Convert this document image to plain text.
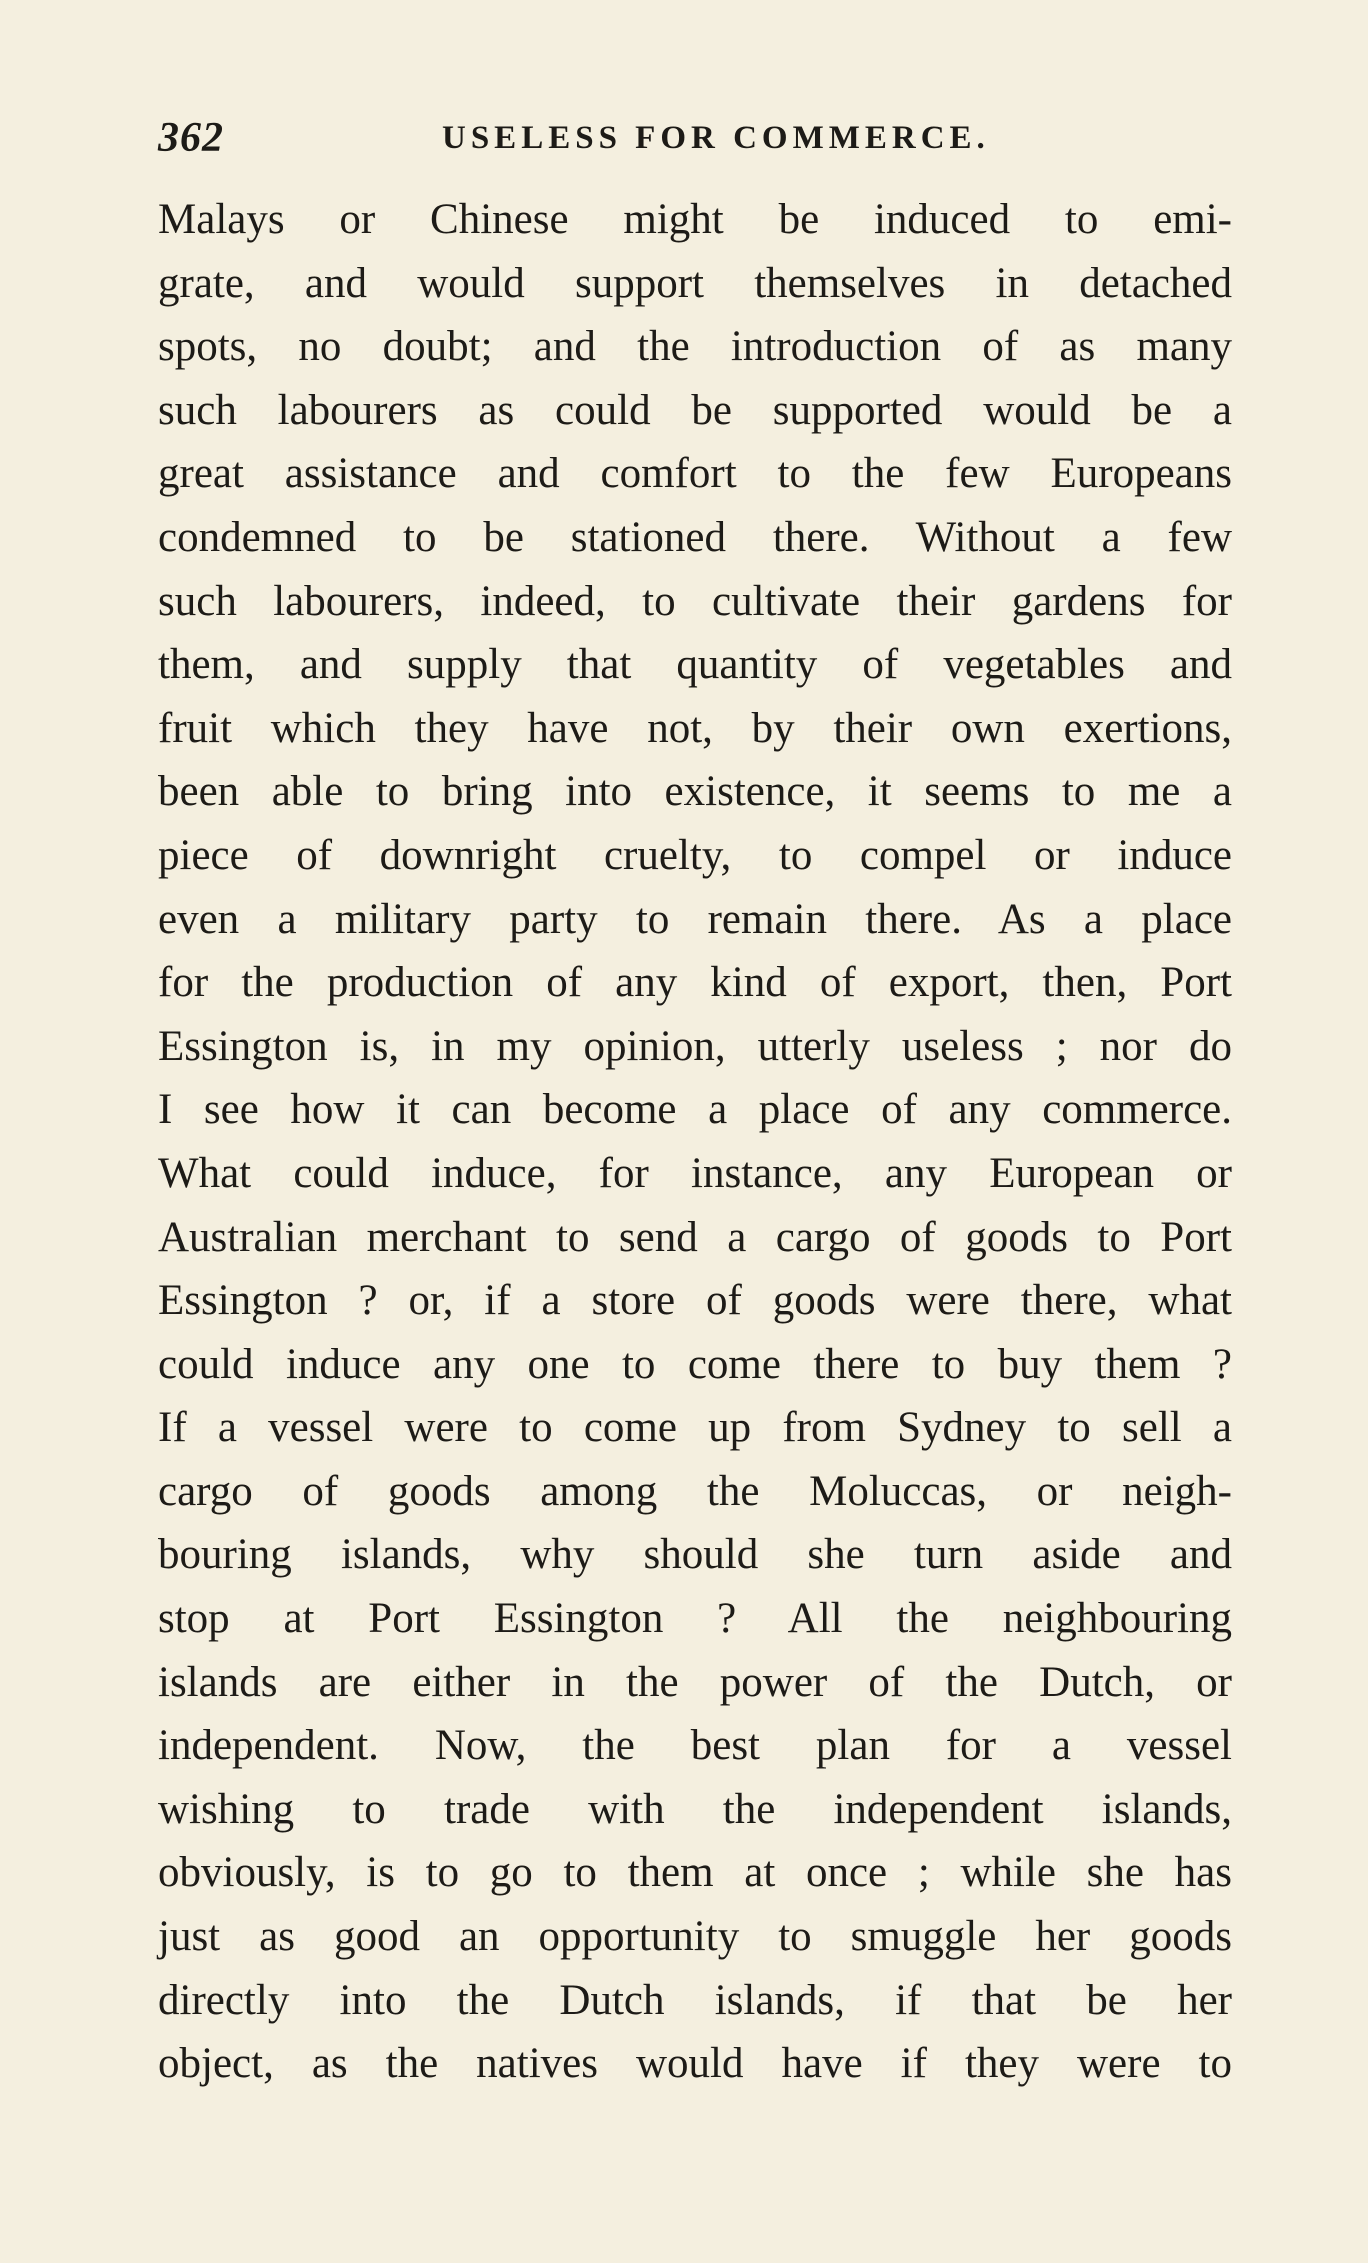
362	USELESS FOR COMMERCE.
Malays or Chinese might be induced to emi-
grate, and would support themselves in detached
spots, no doubt; and the introduction of as many
such labourers as could be supported would be a
great assistance and comfort to the few Europeans
condemned to be stationed there. Without a few
such labourers, indeed, to cultivate their gardens for
them, and supply that quantity of vegetables and
fruit which they have not, by their own exertions,
been able to bring into existence, it seems to me a
piece of downright cruelty, to compel or induce
even a military party to remain there. As a place
for the production of any kind of export, then, Port
Essington is, in my opinion, utterly useless ; nor do
I see how it can become a place of any commerce.
What could induce, for instance, any European or
Australian merchant to send a cargo of goods to Port
Essington ? or, if a store of goods were there, what
could induce any one to come there to buy them ?
If a vessel were to come up from Sydney to sell a
cargo of goods among the Moluccas, or neigh-
bouring islands, why should she turn aside and
stop at Port Essington ? All the neighbouring
islands are either in the power of the Dutch, or
independent. Now, the best plan for a vessel
wishing to trade with the independent islands,
obviously, is to go to them at once ; while she has
just as good an opportunity to smuggle her goods
directly into the Dutch islands, if that be her
object, as the natives would have if they were to
